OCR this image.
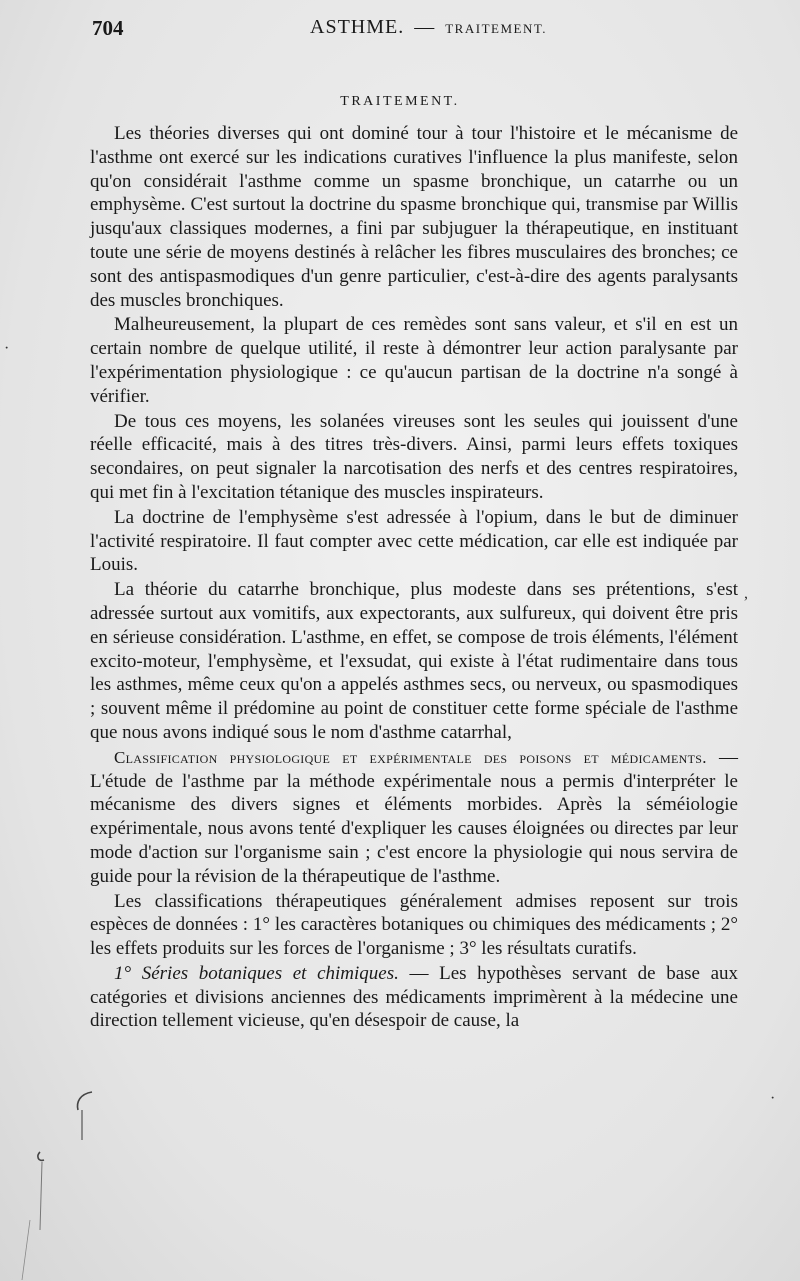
704	ASTHME. — TRAITEMENT.
TRAITEMENT.

Les théories diverses qui ont dominé tour à tour l'histoire et le mécanisme de l'asthme ont exercé sur les indications curatives l'influence la plus manifeste, selon qu'on considérait l'asthme comme un spasme bronchique, un catarrhe ou un emphysème. C'est surtout la doctrine du spasme bronchique qui, transmise par Willis jusqu'aux classiques modernes, a fini par subjuguer la thérapeutique, en instituant toute une série de moyens destinés à relâcher les fibres musculaires des bronches; ce sont des antispasmodiques d'un genre particulier, c'est-à-dire des agents paralysants des muscles bronchiques.

Malheureusement, la plupart de ces remèdes sont sans valeur, et s'il en est un certain nombre de quelque utilité, il reste à démontrer leur action paralysante par l'expérimentation physiologique : ce qu'aucun partisan de la doctrine n'a songé à vérifier.

De tous ces moyens, les solanées vireuses sont les seules qui jouissent d'une réelle efficacité, mais à des titres très-divers. Ainsi, parmi leurs effets toxiques secondaires, on peut signaler la narcotisation des nerfs et des centres respiratoires, qui met fin à l'excitation tétanique des muscles inspirateurs.

La doctrine de l'emphysème s'est adressée à l'opium, dans le but de diminuer l'activité respiratoire. Il faut compter avec cette médication, car elle est indiquée par Louis.

La théorie du catarrhe bronchique, plus modeste dans ses prétentions, s'est adressée surtout aux vomitifs, aux expectorants, aux sulfureux, qui doivent être pris en sérieuse considération. L'asthme, en effet, se compose de trois éléments, l'élément excito-moteur, l'emphysème, et l'exsudat, qui existe à l'état rudimentaire dans tous les asthmes, même ceux qu'on a appelés asthmes secs, ou nerveux, ou spasmodiques ; souvent même il prédomine au point de constituer cette forme spéciale de l'asthme que nous avons indiqué sous le nom d'asthme catarrhal,

Classification physiologique et expérimentale des poisons et médicaments. — L'étude de l'asthme par la méthode expérimentale nous a permis d'interpréter le mécanisme des divers signes et éléments morbides. Après la séméiologie expérimentale, nous avons tenté d'expliquer les causes éloignées ou directes par leur mode d'action sur l'organisme sain ; c'est encore la physiologie qui nous servira de guide pour la révision de la thérapeutique de l'asthme.

Les classifications thérapeutiques généralement admises reposent sur trois espèces de données : 1° les caractères botaniques ou chimiques des médicaments ; 2° les effets produits sur les forces de l'organisme ; 3° les résultats curatifs.

1° Séries botaniques et chimiques. — Les hypothèses servant de base aux catégories et divisions anciennes des médicaments imprimèrent à la médecine une direction tellement vicieuse, qu'en désespoir de cause, la

·
,
·
